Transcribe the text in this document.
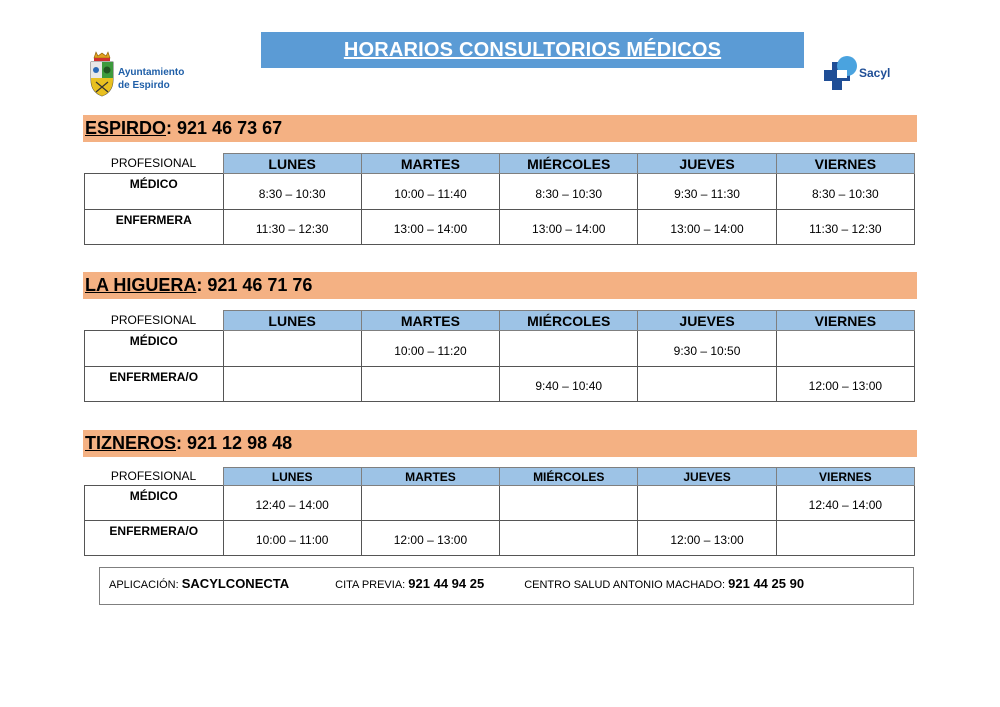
HORARIOS CONSULTORIOS MÉDICOS
Ayuntamiento
de Espirdo
Sacyl
ESPIRDO: 921 46 73 67
PROFESIONAL	LUNES	MARTES	MIÉRCOLES	JUEVES	VIERNES
MÉDICO	8:30 – 10:30	10:00 – 11:40	8:30 – 10:30	9:30 – 11:30	8:30 – 10:30
ENFERMERA	11:30 – 12:30	13:00 – 14:00	13:00 – 14:00	13:00 – 14:00	11:30 – 12:30
LA HIGUERA: 921 46 71 76
PROFESIONAL	LUNES	MARTES	MIÉRCOLES	JUEVES	VIERNES
MÉDICO		10:00 – 11:20		9:30 – 10:50	
ENFERMERA/O			9:40 – 10:40		12:00 – 13:00
TIZNEROS: 921 12 98 48
PROFESIONAL	LUNES	MARTES	MIÉRCOLES	JUEVES	VIERNES
MÉDICO	12:40 – 14:00				12:40 – 14:00
ENFERMERA/O	10:00 – 11:00	12:00 – 13:00		12:00 – 13:00	
APLICACIÓN: SACYLCONECTA	CITA PREVIA: 921 44 94 25	CENTRO SALUD ANTONIO MACHADO: 921 44 25 90
